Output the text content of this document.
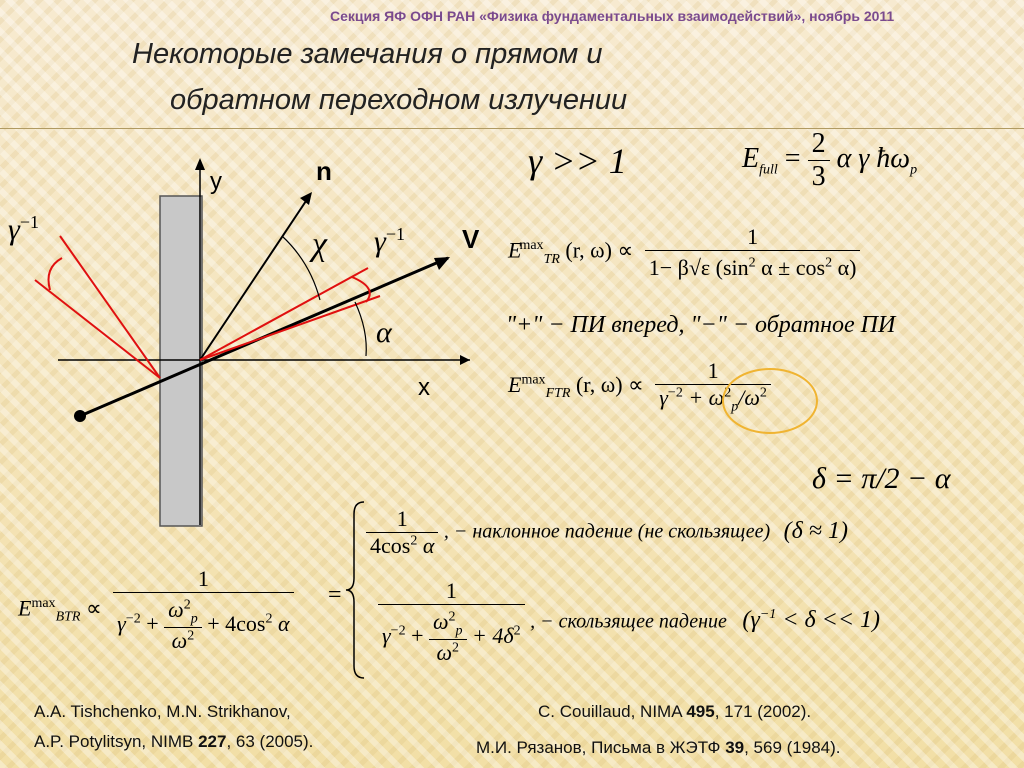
Секция ЯФ ОФН РАН «Физика фундаментальных взаимодействий», ноябрь 2011
Некоторые замечания о прямом и
обратном переходном излучении
y
x
n
V
χ
α
$\gamma^{-1}$
$\gamma^{-1}$
γ >> 1	$E_{full} = \frac{2}{3}$ α γ $ħ\omega_p$
$E^{max}_{TR}$ (r, $\omega) \propto \frac{1}{1- \beta√\varepsilon (\sin^2 \alpha \pm \cos^2 \alpha)}$
"+" − ПИ вперед, "−" − обратное ПИ
$E^{max}_{FTR}$ (r, $\omega) \propto \frac{1}{\gamma^{-2} + \omega^2_p/\omega^2}$
δ = π/2 − α
$E^{max}_{BTR} \propto \frac{1}{\gamma^{-2} + \frac{\omega^2_p}{\omega^2} + 4\cos^2 \alpha}$ =
$\frac{1}{4\cos^2 \alpha}$ , − наклонное падение (не скользящее) (δ ≈ 1)
$\frac{1}{\gamma^{-2} + \frac{\omega^2_p}{\omega^2} + 4\delta^2}$ , − скользящее падение $(\gamma^{-1} < \delta << 1)$
A.A. Tishchenko, M.N. Strikhanov,
A.P. Potylitsyn, NIMB 227, 63 (2005).
C. Couillaud, NIMA 495, 171 (2002).
М.И. Рязанов, Письма в ЖЭТФ 39, 569 (1984).
